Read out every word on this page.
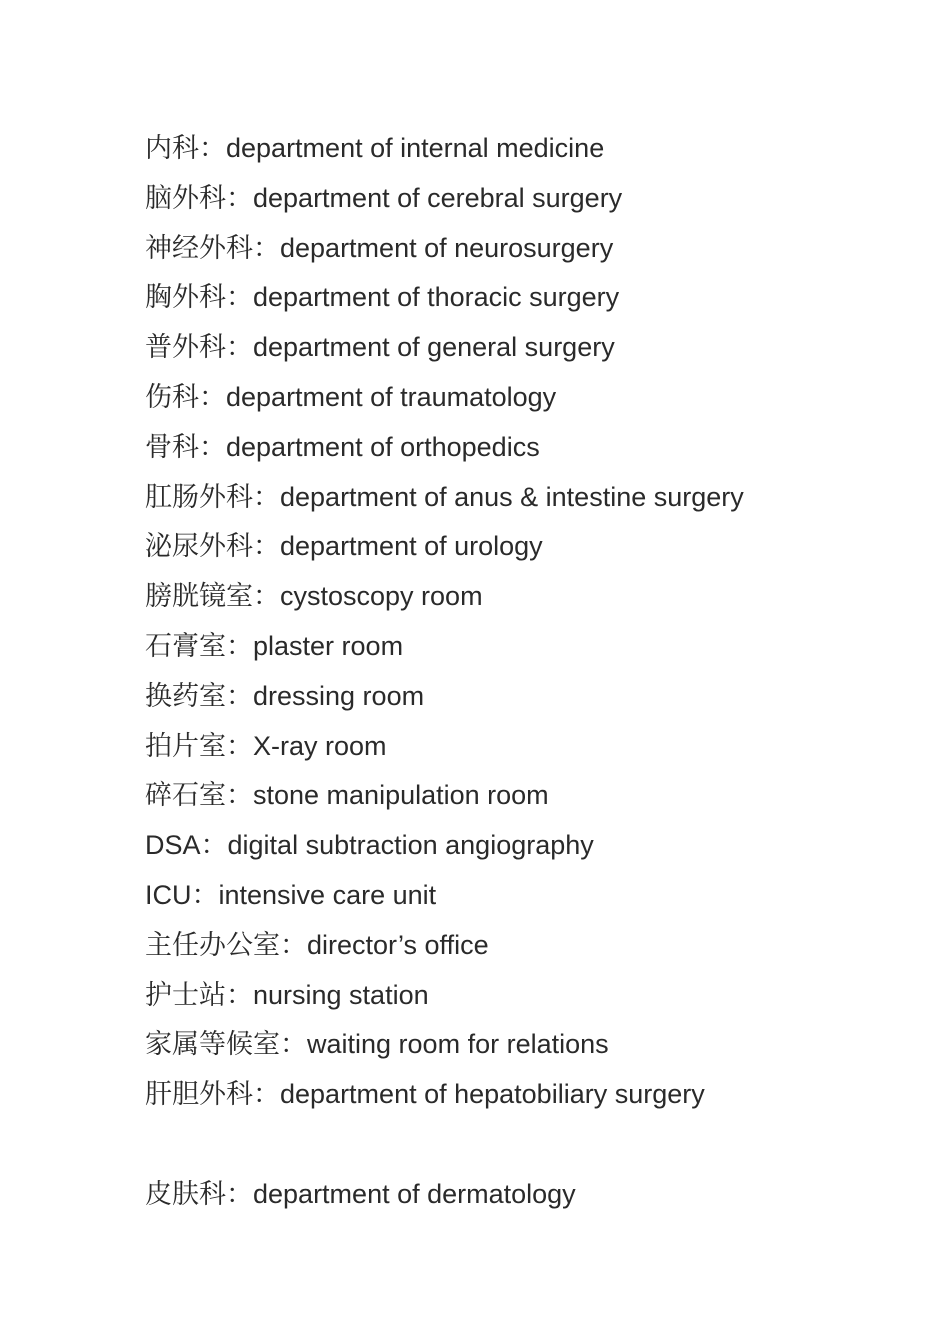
内科：department of internal medicine
脑外科：department of cerebral surgery
神经外科：department of neurosurgery
胸外科：department of thoracic surgery
普外科：department of general surgery
伤科：department of traumatology
骨科：department of orthopedics
肛肠外科：department of anus & intestine surgery
泌尿外科：department of urology
膀胱镜室：cystoscopy room
石膏室：plaster room
换药室：dressing room
拍片室：X-ray room
碎石室：stone manipulation room
DSA：digital subtraction angiography
ICU：intensive care unit
主任办公室：director’s office
护士站：nursing station
家属等候室：waiting room for relations
肝胆外科：department of hepatobiliary surgery
皮肤科：department of dermatology
